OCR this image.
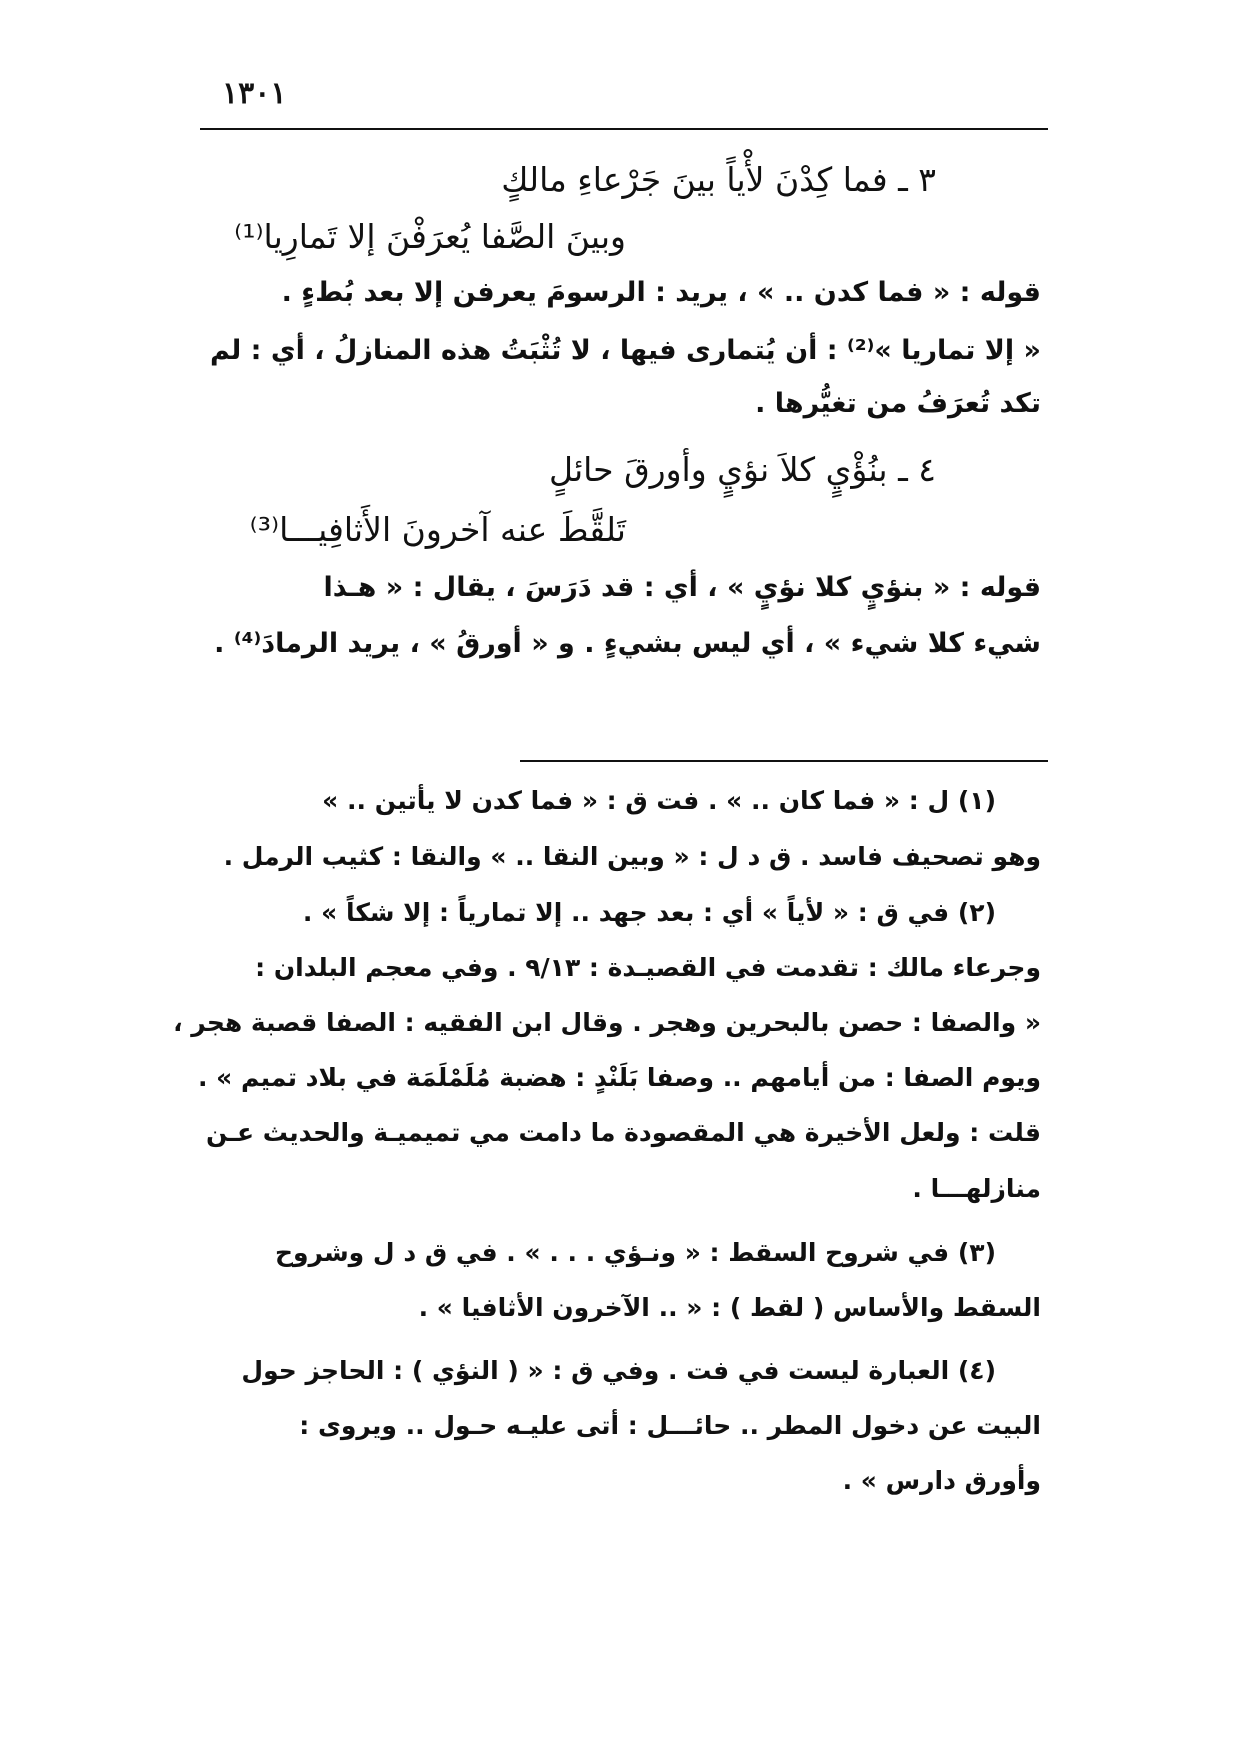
١٣٠١
٣ ـ فما كِدْنَ لأْياً بينَ جَرْعاءِ مالكٍ
وبينَ الصَّفا يُعرَفْنَ إلا تَمارِيا⁽¹⁾
قوله : « فما كدن .. » ، يريد : الرسومَ يعرفن إلا بعد بُطءٍ .
« إلا تماريا »⁽²⁾ : أن يُتمارى فيها ، لا تُثْبَتُ هذه المنازلُ ، أي : لم
تكد تُعرَفُ من تغيُّرها .
٤ ـ بنُؤْيٍ كلاَ نؤيٍ وأورقَ حائلٍ
تَلقَّطَ عنه آخرونَ الأَثافِيـــا⁽³⁾
قوله : « بنؤيٍ كلا نؤيٍ » ، أي : قد دَرَسَ ، يقال : « هـذا
شيء كلا شيء » ، أي ليس بشيءٍ . و « أورقُ » ، يريد الرمادَ⁽⁴⁾ .
(١) ل : « فما كان .. » . فت ق : « فما كدن لا يأتين .. »
وهو تصحيف فاسد . ق د ل : « وبين النقا .. » والنقا : كثيب الرمل .
(٢) في ق : « لأياً » أي : بعد جهد .. إلا تمارياً : إلا شكاً » .
وجرعاء مالك : تقدمت في القصيـدة : ٩/١٣ . وفي معجم البلدان :
« والصفا : حصن بالبحرين وهجر . وقال ابن الفقيه : الصفا قصبة هجر ،
ويوم الصفا : من أيامهم .. وصفا بَلَنْدٍ : هضبة مُلَمْلَمَة في بلاد تميم » .
قلت : ولعل الأخيرة هي المقصودة ما دامت مي تميميـة والحديث عـن
منازلهـــا .
(٣) في شروح السقط : « ونـؤي . . . » . في ق د ل وشروح
السقط والأساس ( لقط ) : « .. الآخرون الأثافيا » .
(٤) العبارة ليست في فت . وفي ق : « ( النؤي ) : الحاجز حول
البيت عن دخول المطر .. حائـــل : أتى عليـه حـول .. ويروى :
وأورق دارس » .
